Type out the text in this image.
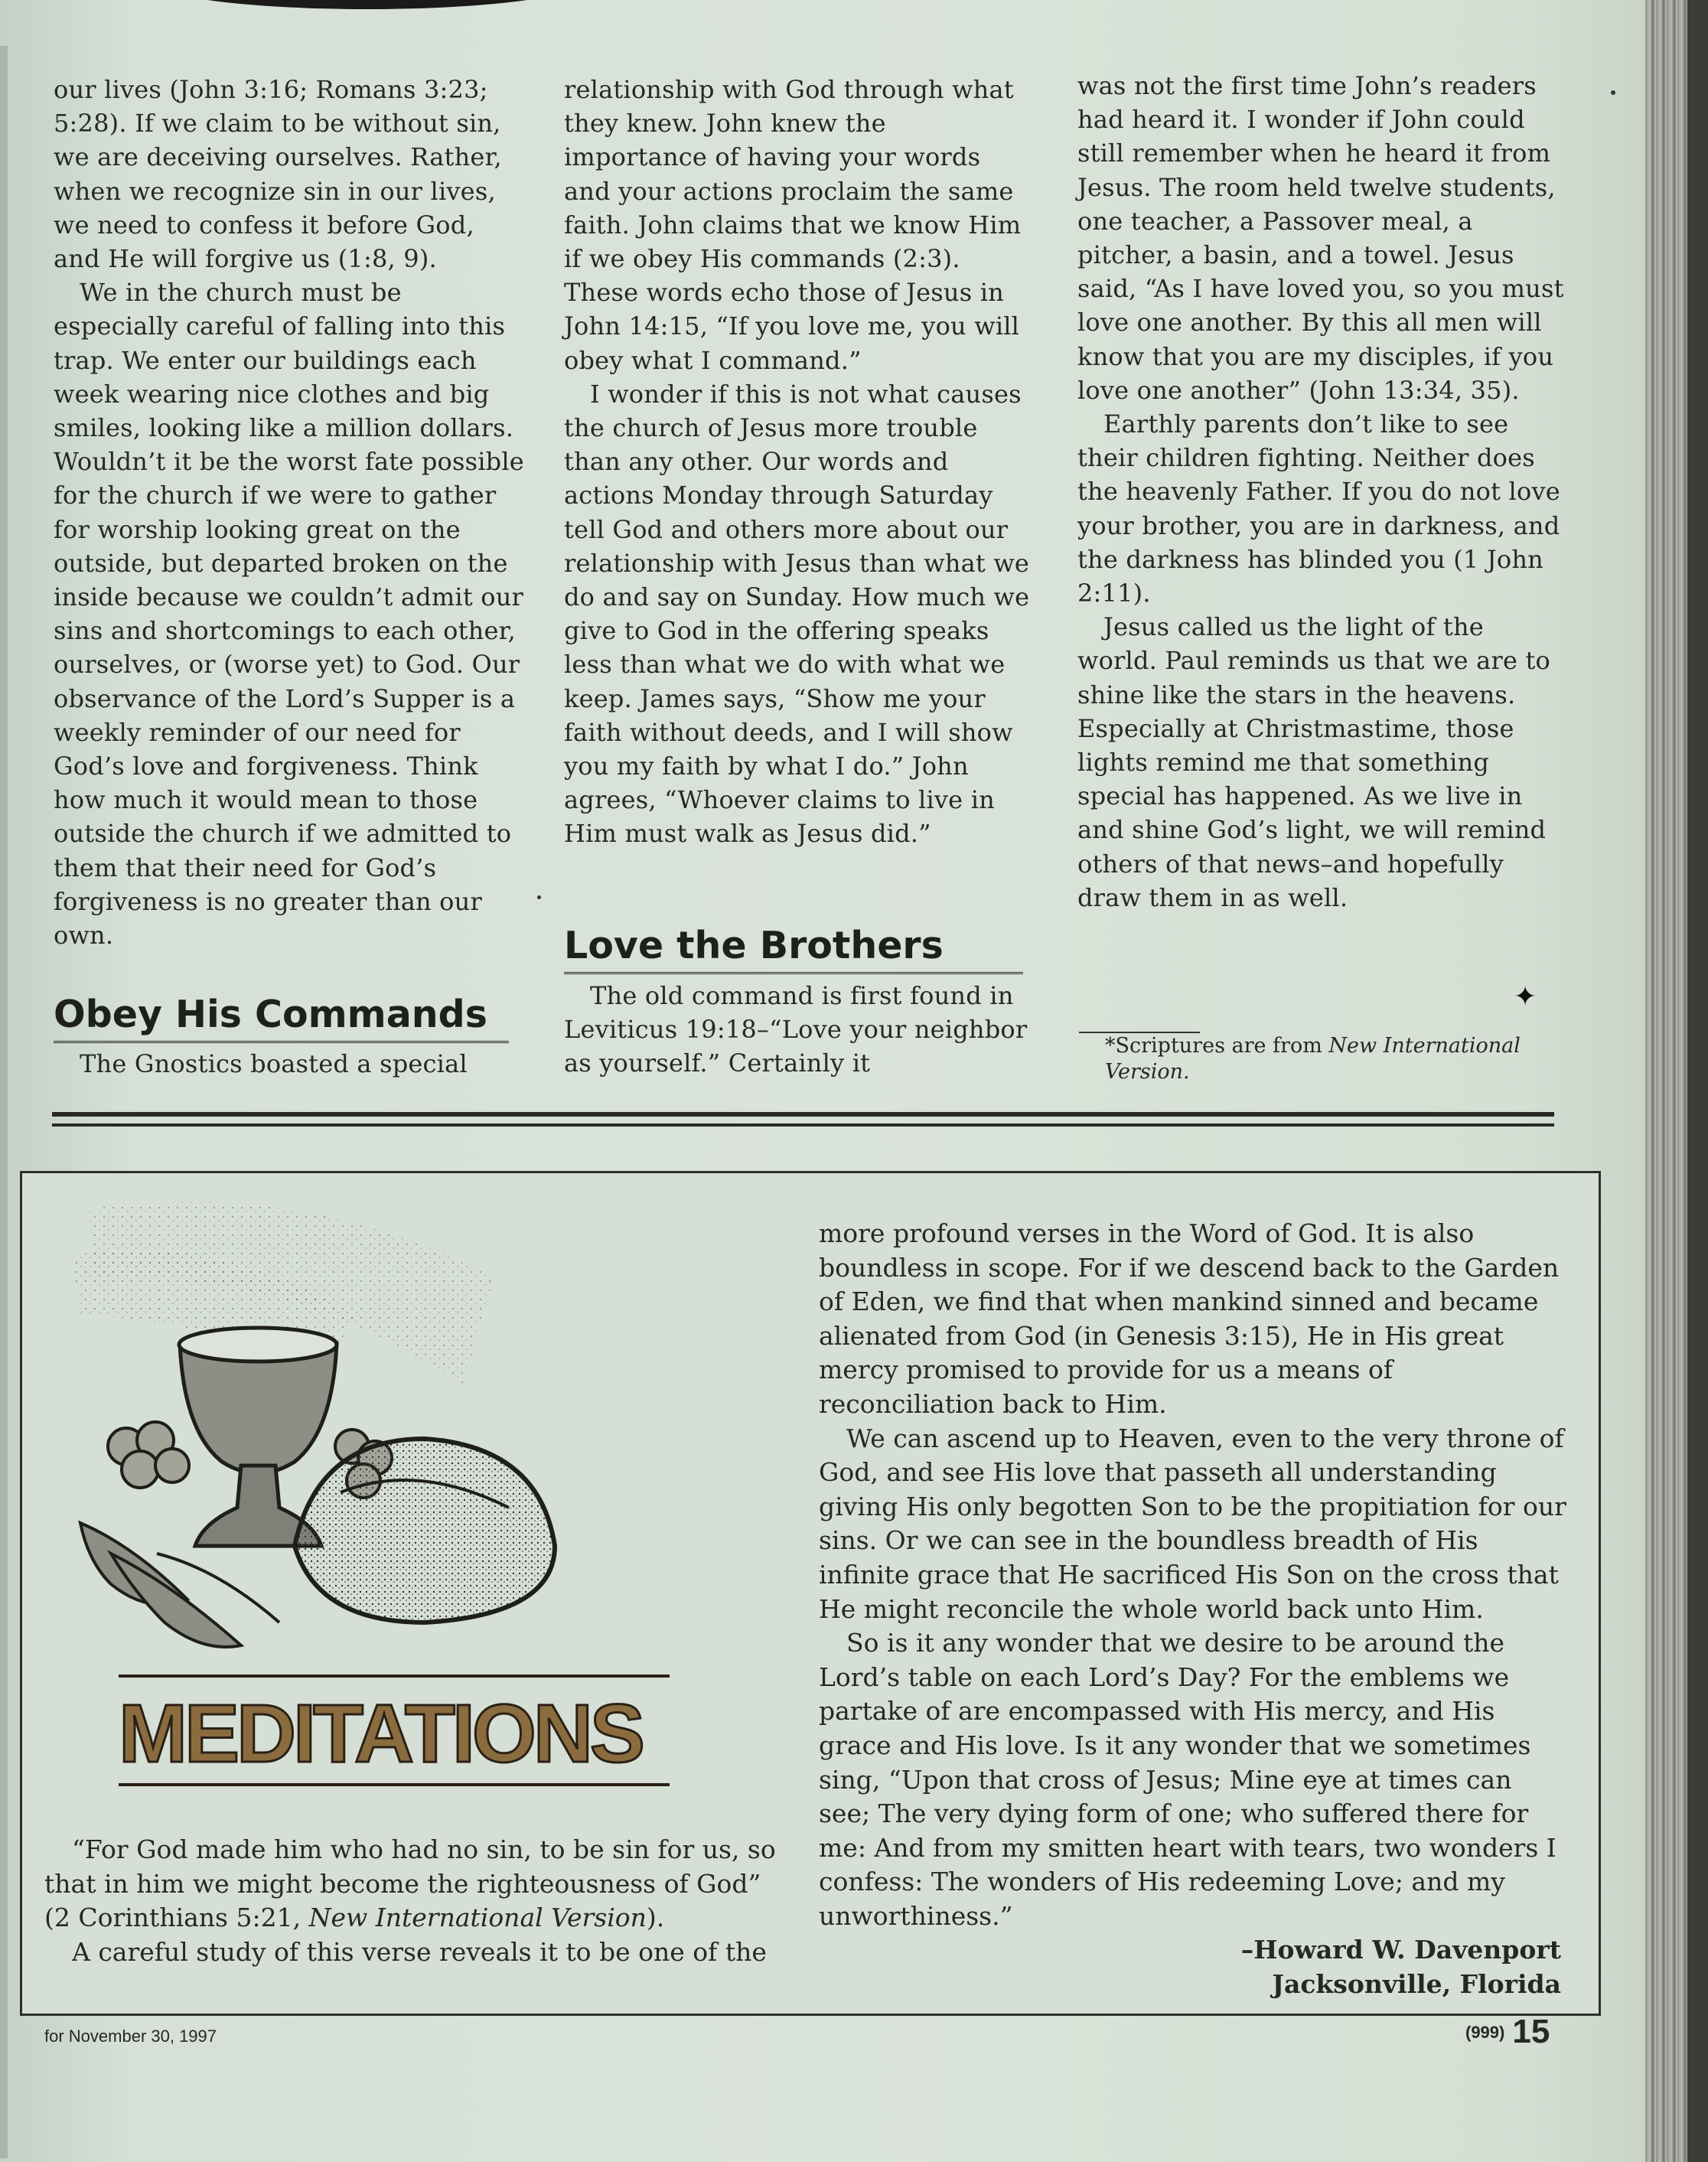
our lives (John 3:16; Romans 3:23; 5:28). If we claim to be without sin, we are deceiving ourselves. Rather, when we recognize sin in our lives, we need to confess it before God, and He will forgive us (1:8, 9).

We in the church must be especially careful of falling into this trap. We enter our buildings each week wearing nice clothes and big smiles, looking like a million dollars. Wouldn’t it be the worst fate possible for the church if we were to gather for worship looking great on the outside, but departed broken on the inside because we couldn’t admit our sins and shortcomings to each other, ourselves, or (worse yet) to God. Our observance of the Lord’s Supper is a weekly reminder of our need for God’s love and forgiveness. Think how much it would mean to those outside the church if we admitted to them that their need for God’s forgiveness is no greater than our own.

Obey His Commands

The Gnostics boasted a special

relationship with God through what they knew. John knew the importance of having your words and your actions proclaim the same faith. John claims that we know Him if we obey His commands (2:3). These words echo those of Jesus in John 14:15, “If you love me, you will obey what I command.”

I wonder if this is not what causes the church of Jesus more trouble than any other. Our words and actions Monday through Saturday tell God and others more about our relationship with Jesus than what we do and say on Sunday. How much we give to God in the offering speaks less than what we do with what we keep. James says, “Show me your faith without deeds, and I will show you my faith by what I do.” John agrees, “Whoever claims to live in Him must walk as Jesus did.”

Love the Brothers

The old command is first found in Leviticus 19:18–“Love your neighbor as yourself.” Certainly it

was not the first time John’s readers had heard it. I wonder if John could still remember when he heard it from Jesus. The room held twelve students, one teacher, a Passover meal, a pitcher, a basin, and a towel. Jesus said, “As I have loved you, so you must love one another. By this all men will know that you are my disciples, if you love one another” (John 13:34, 35).

Earthly parents don’t like to see their children fighting. Neither does the heavenly Father. If you do not love your brother, you are in darkness, and the darkness has blinded you (1 John 2:11).

Jesus called us the light of the world. Paul reminds us that we are to shine like the stars in the heavens. Especially at Christmastime, those lights remind me that something special has happened. As we live in and shine God’s light, we will remind others of that news–and hopefully draw them in as well.

✦
*Scriptures are from New International Version.
MEDITATIONS

“For God made him who had no sin, to be sin for us, so that in him we might become the righteousness of God” (2 Corinthians 5:21, New International Version).

A careful study of this verse reveals it to be one of the

more profound verses in the Word of God. It is also boundless in scope. For if we descend back to the Garden of Eden, we find that when mankind sinned and became alienated from God (in Genesis 3:15), He in His great mercy promised to provide for us a means of reconciliation back to Him.

We can ascend up to Heaven, even to the very throne of God, and see His love that passeth all understanding giving His only begotten Son to be the propitiation for our sins. Or we can see in the boundless breadth of His infinite grace that He sacrificed His Son on the cross that He might reconcile the whole world back unto Him.

So is it any wonder that we desire to be around the Lord’s table on each Lord’s Day? For the emblems we partake of are encompassed with His mercy, and His grace and His love. Is it any wonder that we sometimes sing, “Upon that cross of Jesus; Mine eye at times can see; The very dying form of one; who suffered there for me: And from my smitten heart with tears, two wonders I confess: The wonders of His redeeming Love; and my unworthiness.”

–Howard W. Davenport

Jacksonville, Florida

for November 30, 1997	(999) 15
